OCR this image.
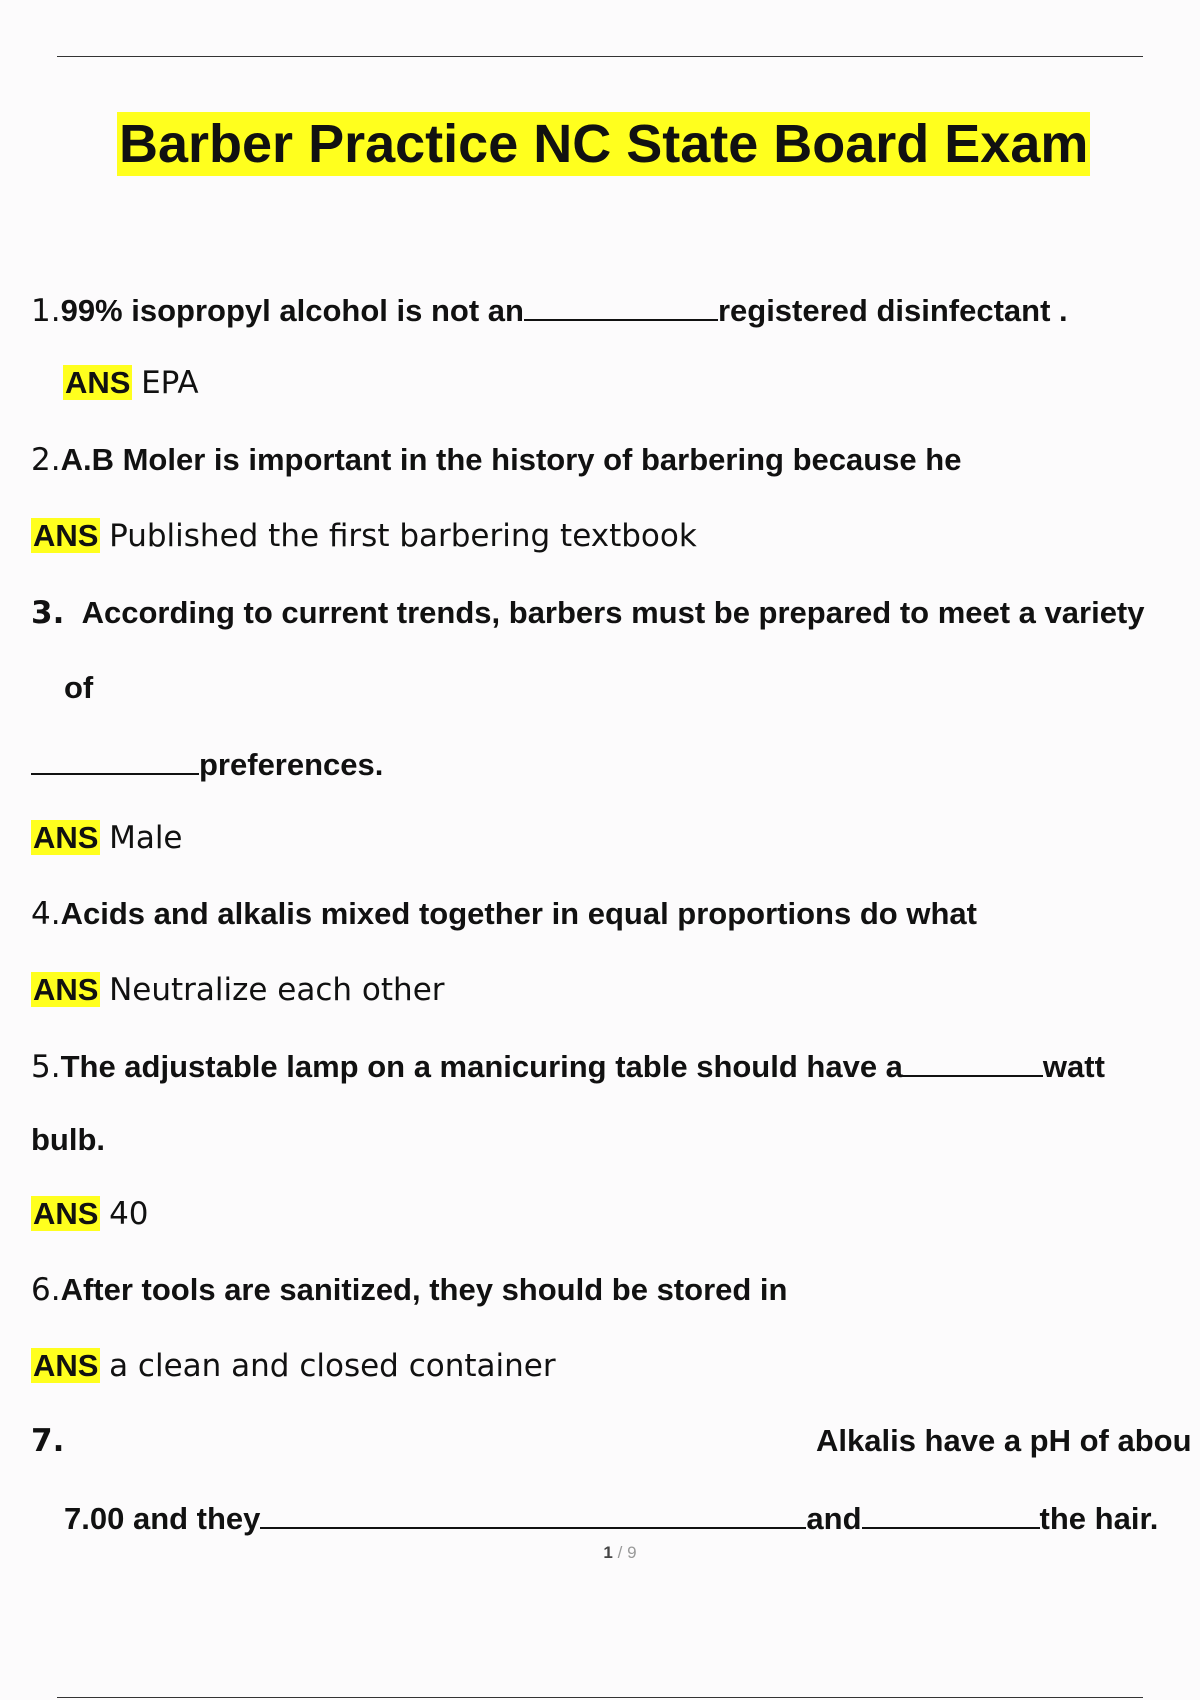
Barber Practice NC State Board Exam
1.99% isopropyl alcohol is not an	registered disinfectant .
ANS EPA
2.A.B Moler is important in the history of barbering because he
ANS Published the first barbering textbook
3. According to current trends, barbers must be prepared to meet a variety
of
preferences.
ANS Male
4.Acids and alkalis mixed together in equal proportions do what
ANS Neutralize each other
5.The adjustable lamp on a manicuring table should have a	watt
bulb.
ANS 40
6.After tools are sanitized, they should be stored in
ANS a clean and closed container
7.	Alkalis have a pH of abou
7.00 and they	and	the hair.
1 / 9
